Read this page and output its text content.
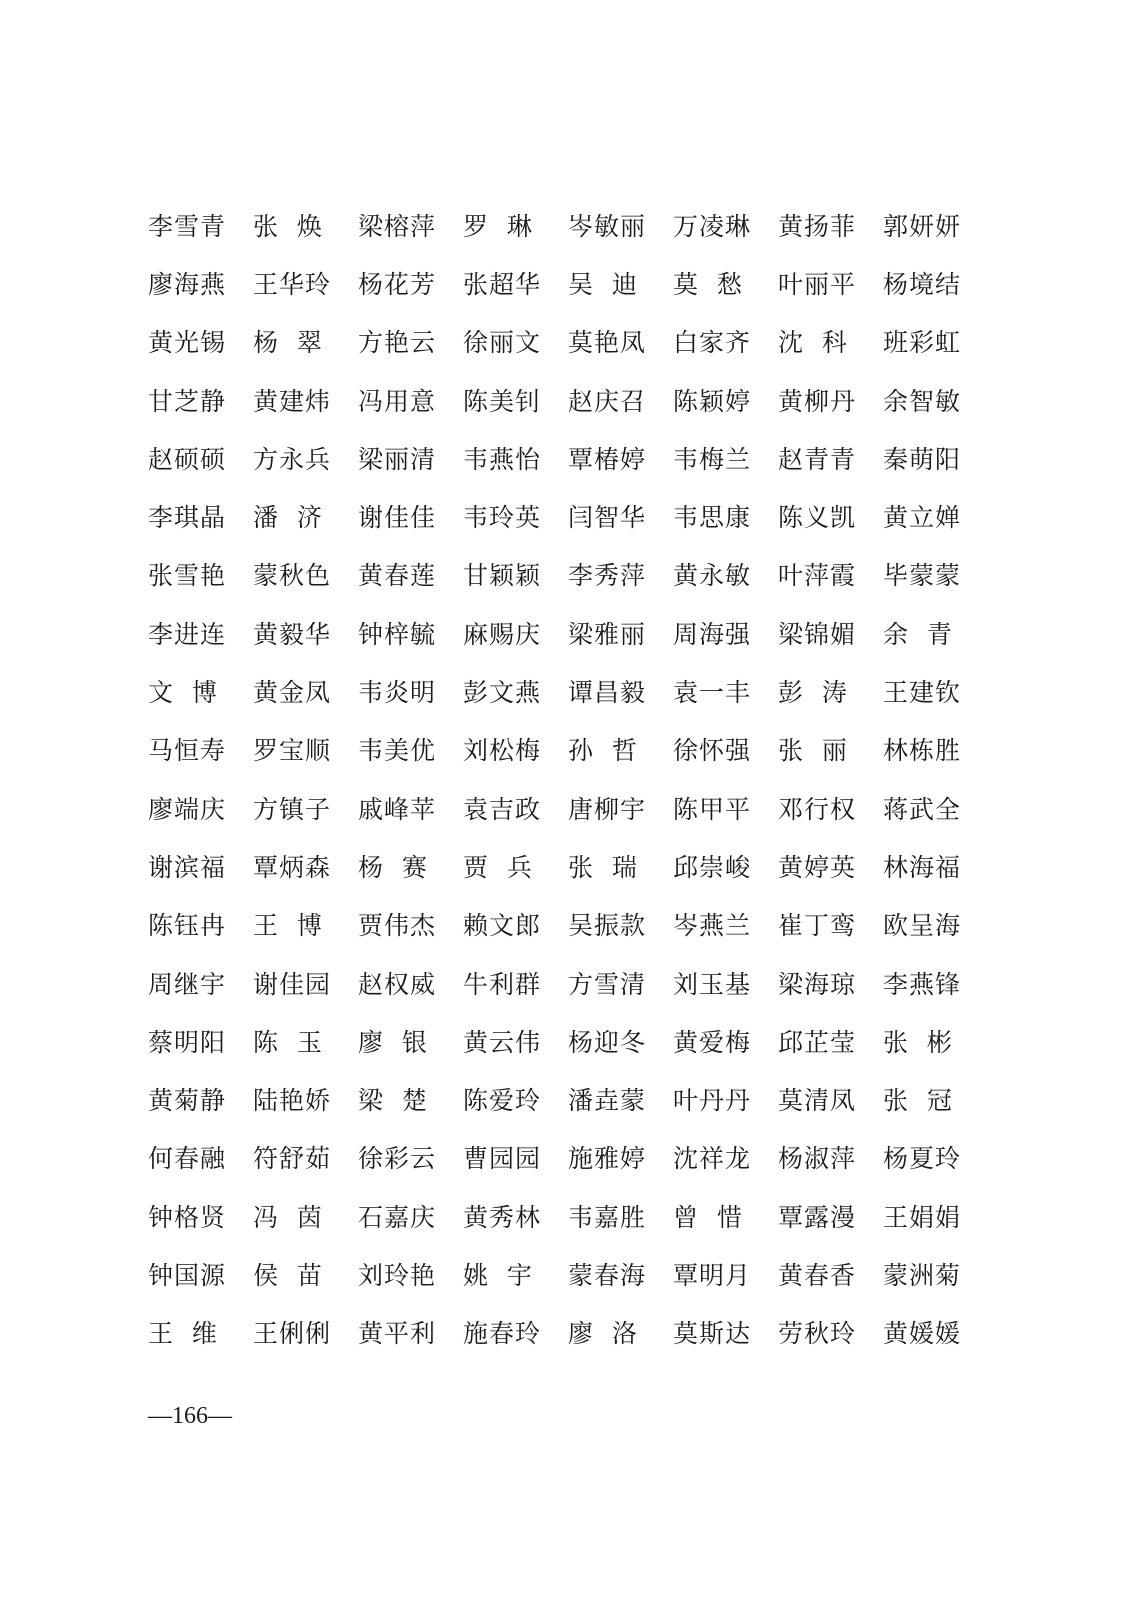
李雪青	张  焕	梁榕萍	罗  琳	岑敏丽	万凌琳	黄扬菲	郭妍妍
廖海燕	王华玲	杨花芳	张超华	吴  迪	莫  愁	叶丽平	杨境结
黄光锡	杨  翠	方艳云	徐丽文	莫艳凤	白家齐	沈  科	班彩虹
甘芝静	黄建炜	冯用意	陈美钊	赵庆召	陈颖婷	黄柳丹	余智敏
赵硕硕	方永兵	梁丽清	韦燕怡	覃椿婷	韦梅兰	赵青青	秦萌阳
李琪晶	潘  济	谢佳佳	韦玲英	闫智华	韦思康	陈义凯	黄立婵
张雪艳	蒙秋色	黄春莲	甘颖颖	李秀萍	黄永敏	叶萍霞	毕蒙蒙
李进连	黄毅华	钟梓毓	麻赐庆	梁雅丽	周海强	梁锦媚	余  青
文  博	黄金凤	韦炎明	彭文燕	谭昌毅	袁一丰	彭  涛	王建钦
马恒寿	罗宝顺	韦美优	刘松梅	孙  哲	徐怀强	张  丽	林栋胜
廖端庆	方镇子	戚峰苹	袁吉政	唐柳宇	陈甲平	邓行权	蒋武全
谢滨福	覃炳森	杨  赛	贾  兵	张  瑞	邱崇峻	黄婷英	林海福
陈钰冉	王  博	贾伟杰	赖文郎	吴振款	岑燕兰	崔丁鸾	欧呈海
周继宇	谢佳园	赵权威	牛利群	方雪清	刘玉基	梁海琼	李燕锋
蔡明阳	陈  玉	廖  银	黄云伟	杨迎冬	黄爱梅	邱芷莹	张  彬
黄菊静	陆艳娇	梁  楚	陈爱玲	潘垚蒙	叶丹丹	莫清凤	张  冠
何春融	符舒茹	徐彩云	曹园园	施雅婷	沈祥龙	杨淑萍	杨夏玲
钟格贤	冯  茵	石嘉庆	黄秀林	韦嘉胜	曾  惜	覃露漫	王娟娟
钟国源	侯  苗	刘玲艳	姚  宇	蒙春海	覃明月	黄春香	蒙洲菊
王  维	王俐俐	黄平利	施春玲	廖  洛	莫斯达	劳秋玲	黄媛媛
—166—
